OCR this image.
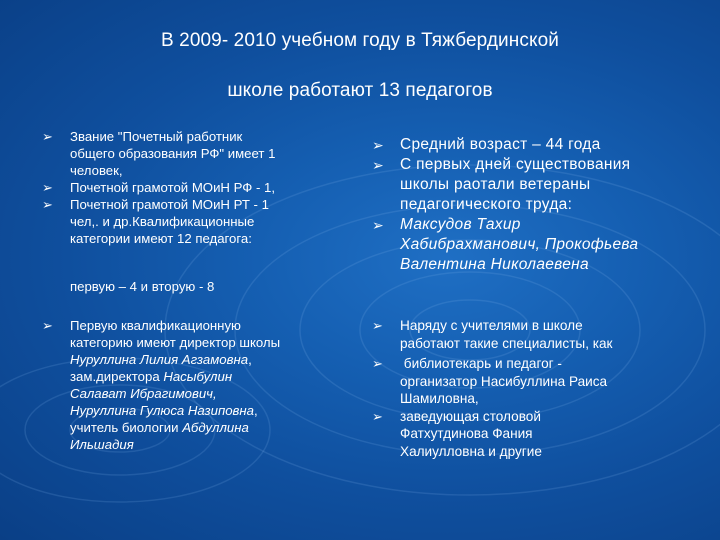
В 2009- 2010 учебном году в Тяжбердинской
школе работают 13 педагогов
➢ Звание "Почетный работник
общего образования РФ" имеет 1
человек,
➢ Почетной грамотой МОиН РФ - 1,
➢ Почетной грамотой МОиН РТ - 1
чел,. и др.Квалификационные
категории имеют 12 педагога:
первую – 4 и вторую - 8
➢ Средний возраст – 44 года
➢ С первых дней существования
школы раотали ветераны
педагогического труда:
➢ Максудов Тахир
Хабибрахманович, Прокофьева
Валентина Николаевена
➢ Первую квалификационную
категорию имеют директор школы
Нуруллина Лилия Агзамовна,
зам.директора Насыбулин
Салават Ибрагимович,
Нуруллина Гулюса Назиповна,
учитель биологии Абдуллина
Ильшадия
➢ Наряду с учителями в школе
работают такие специалисты, как
➢ библиотекарь и педагог -
организатор Насибуллина Раиса
Шамиловна,
➢ заведующая столовой
Фатхутдинова Фания
Халиулловна и другие
